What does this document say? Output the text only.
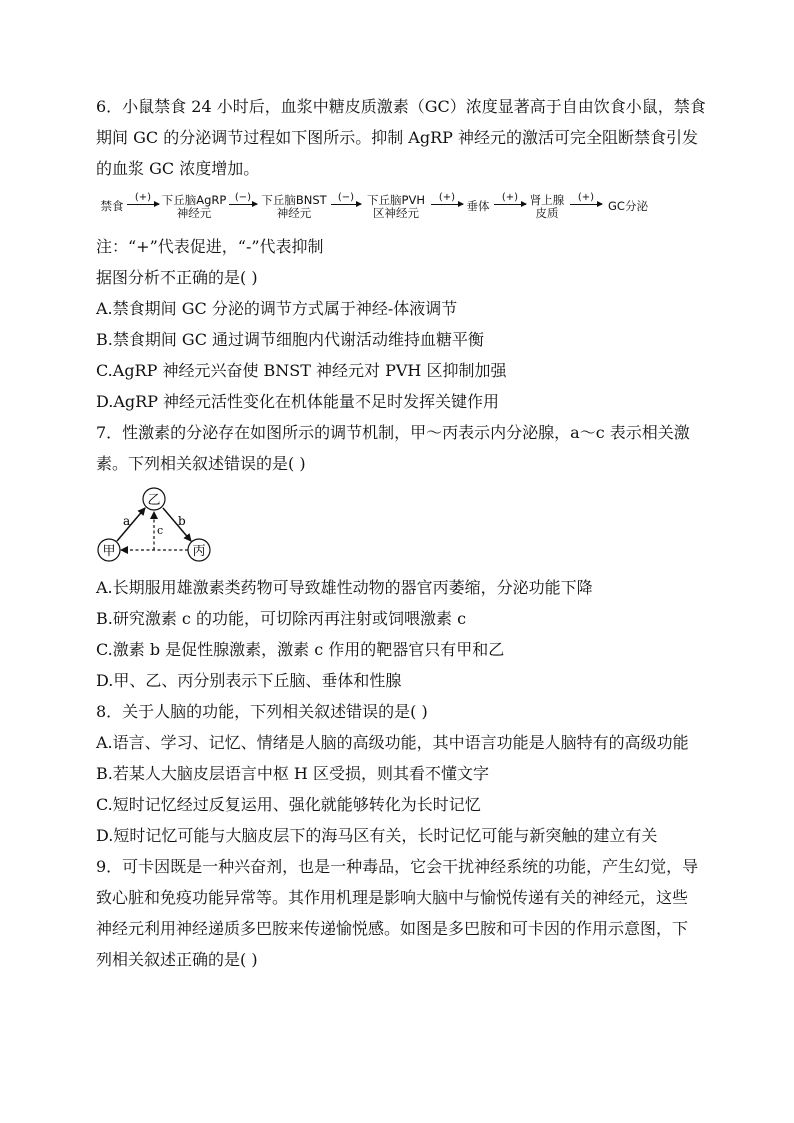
6．小鼠禁食 24 小时后，血浆中糖皮质激素（GC）浓度显著高于自由饮食小鼠，禁食
期间 GC 的分泌调节过程如下图所示。抑制 AgRP 神经元的激活可完全阻断禁食引发
的血浆 GC 浓度增加。
禁食
(+) 下丘脑AgRP
神经元
(−) 下丘脑BNST
神经元
(−)	下丘脑PVH
区神经元
(+)
垂体
(+)	肾上腺
皮质
(+)
GC分泌
注：“+”代表促进，“-”代表抑制
据图分析不正确的是( )
A.禁食期间 GC 分泌的调节方式属于神经-体液调节
B.禁食期间 GC 通过调节细胞内代谢活动维持血糖平衡
C.AgRP 神经元兴奋使 BNST 神经元对 PVH 区抑制加强
D.AgRP 神经元活性变化在机体能量不足时发挥关键作用
7．性激素的分泌存在如图所示的调节机制，甲～丙表示内分泌腺，a～c 表示相关激
素。下列相关叙述错误的是( )
乙
甲	丙
a	b
c
A.长期服用雄激素类药物可导致雄性动物的器官丙萎缩，分泌功能下降
B.研究激素 c 的功能，可切除丙再注射或饲喂激素 c
C.激素 b 是促性腺激素，激素 c 作用的靶器官只有甲和乙
D.甲、乙、丙分别表示下丘脑、垂体和性腺
8．关于人脑的功能，下列相关叙述错误的是( )
A.语言、学习、记忆、情绪是人脑的高级功能，其中语言功能是人脑特有的高级功能
B.若某人大脑皮层语言中枢 H 区受损，则其看不懂文字
C.短时记忆经过反复运用、强化就能够转化为长时记忆
D.短时记忆可能与大脑皮层下的海马区有关，长时记忆可能与新突触的建立有关
9．可卡因既是一种兴奋剂，也是一种毒品，它会干扰神经系统的功能，产生幻觉，导
致心脏和免疫功能异常等。其作用机理是影响大脑中与愉悦传递有关的神经元，这些
神经元利用神经递质多巴胺来传递愉悦感。如图是多巴胺和可卡因的作用示意图，下
列相关叙述正确的是( )
